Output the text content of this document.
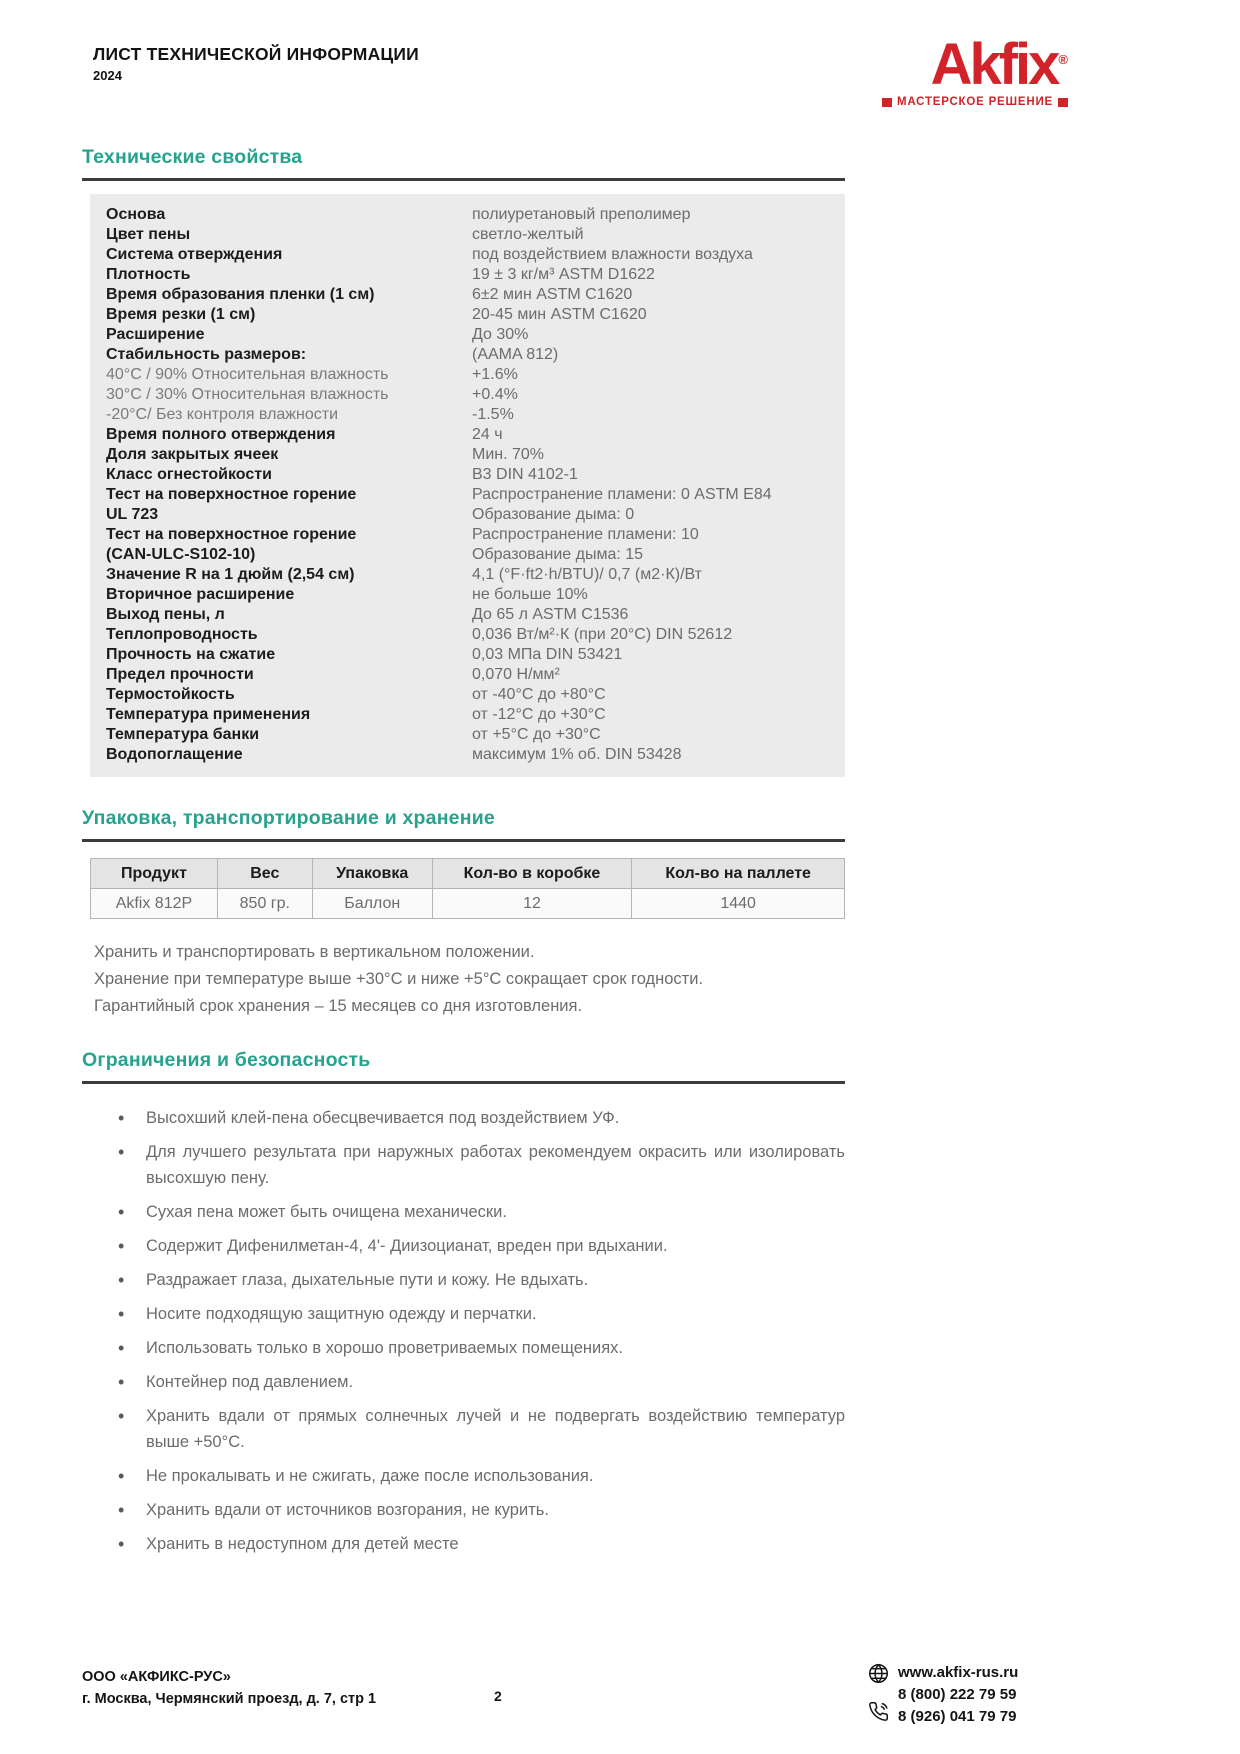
ЛИСТ ТЕХНИЧЕСКОЙ ИНФОРМАЦИИ
2024	Akfix®
МАСТЕРСКОЕ РЕШЕНИЕ
Технические свойства
Основа	полиуретановый преполимер
Цвет пены	светло-желтый
Система отверждения	под воздействием влажности воздуха
Плотность	19 ± 3 кг/м³ ASTM D1622
Время образования пленки (1 см)	6±2 мин ASTM C1620
Время резки (1 см)	20-45 мин ASTM C1620
Расширение	До 30%
Стабильность размеров:	(AAMA 812)
40°C / 90% Относительная влажность	+1.6%
30°C / 30% Относительная влажность	+0.4%
-20°C/ Без контроля влажности	-1.5%
Время полного отверждения	24 ч
Доля закрытых ячеек	Мин. 70%
Класс огнестойкости	B3 DIN 4102-1
Тест на поверхностное горение	Распространение пламени: 0 ASTM E84
UL 723	Образование дыма: 0
Тест на поверхностное горение	Распространение пламени: 10
(CAN-ULC-S102-10)	Образование дыма: 15
Значение R на 1 дюйм (2,54 см)	4,1 (°F·ft2·h/BTU)/ 0,7 (м2·К)/Вт
Вторичное расширение	не больше 10%
Выход пены, л	До 65 л ASTM C1536
Теплопроводность	0,036 Вт/м²·К (при 20°C) DIN 52612
Прочность на сжатие	0,03 МПа DIN 53421
Предел прочности	0,070 Н/мм²
Термостойкость	от -40°C до +80°C
Температура применения	от -12°C до +30°C
Температура банки	от +5°C до +30°C
Водопоглащение	максимум 1% об. DIN 53428
Упаковка, транспортирование и хранение
Продукт	Вес	Упаковка	Кол-во в коробке	Кол-во на паллете
Akfix 812P	850 гр.	Баллон	12	1440
Хранить и транспортировать в вертикальном положении.
Хранение при температуре выше +30°C и ниже +5°C сокращает срок годности.
Гарантийный срок хранения – 15 месяцев со дня изготовления.
Ограничения и безопасность
• Высохший клей-пена обесцвечивается под воздействием УФ.
• Для лучшего результата при наружных работах рекомендуем окрасить или изолировать высохшую пену.
• Сухая пена может быть очищена механически.
• Содержит Дифенилметан-4, 4'- Диизоцианат, вреден при вдыхании.
• Раздражает глаза, дыхательные пути и кожу. Не вдыхать.
• Носите подходящую защитную одежду и перчатки.
• Использовать только в хорошо проветриваемых помещениях.
• Контейнер под давлением.
• Хранить вдали от прямых солнечных лучей и не подвергать воздействию температур выше +50°C.
• Не прокалывать и не сжигать, даже после использования.
• Хранить вдали от источников возгорания, не курить.
• Хранить в недоступном для детей месте
ООО «АКФИКС-РУС»
г. Москва, Чермянский проезд, д. 7, стр 1	2
www.akfix-rus.ru
8 (800) 222 79 59
8 (926) 041 79 79
